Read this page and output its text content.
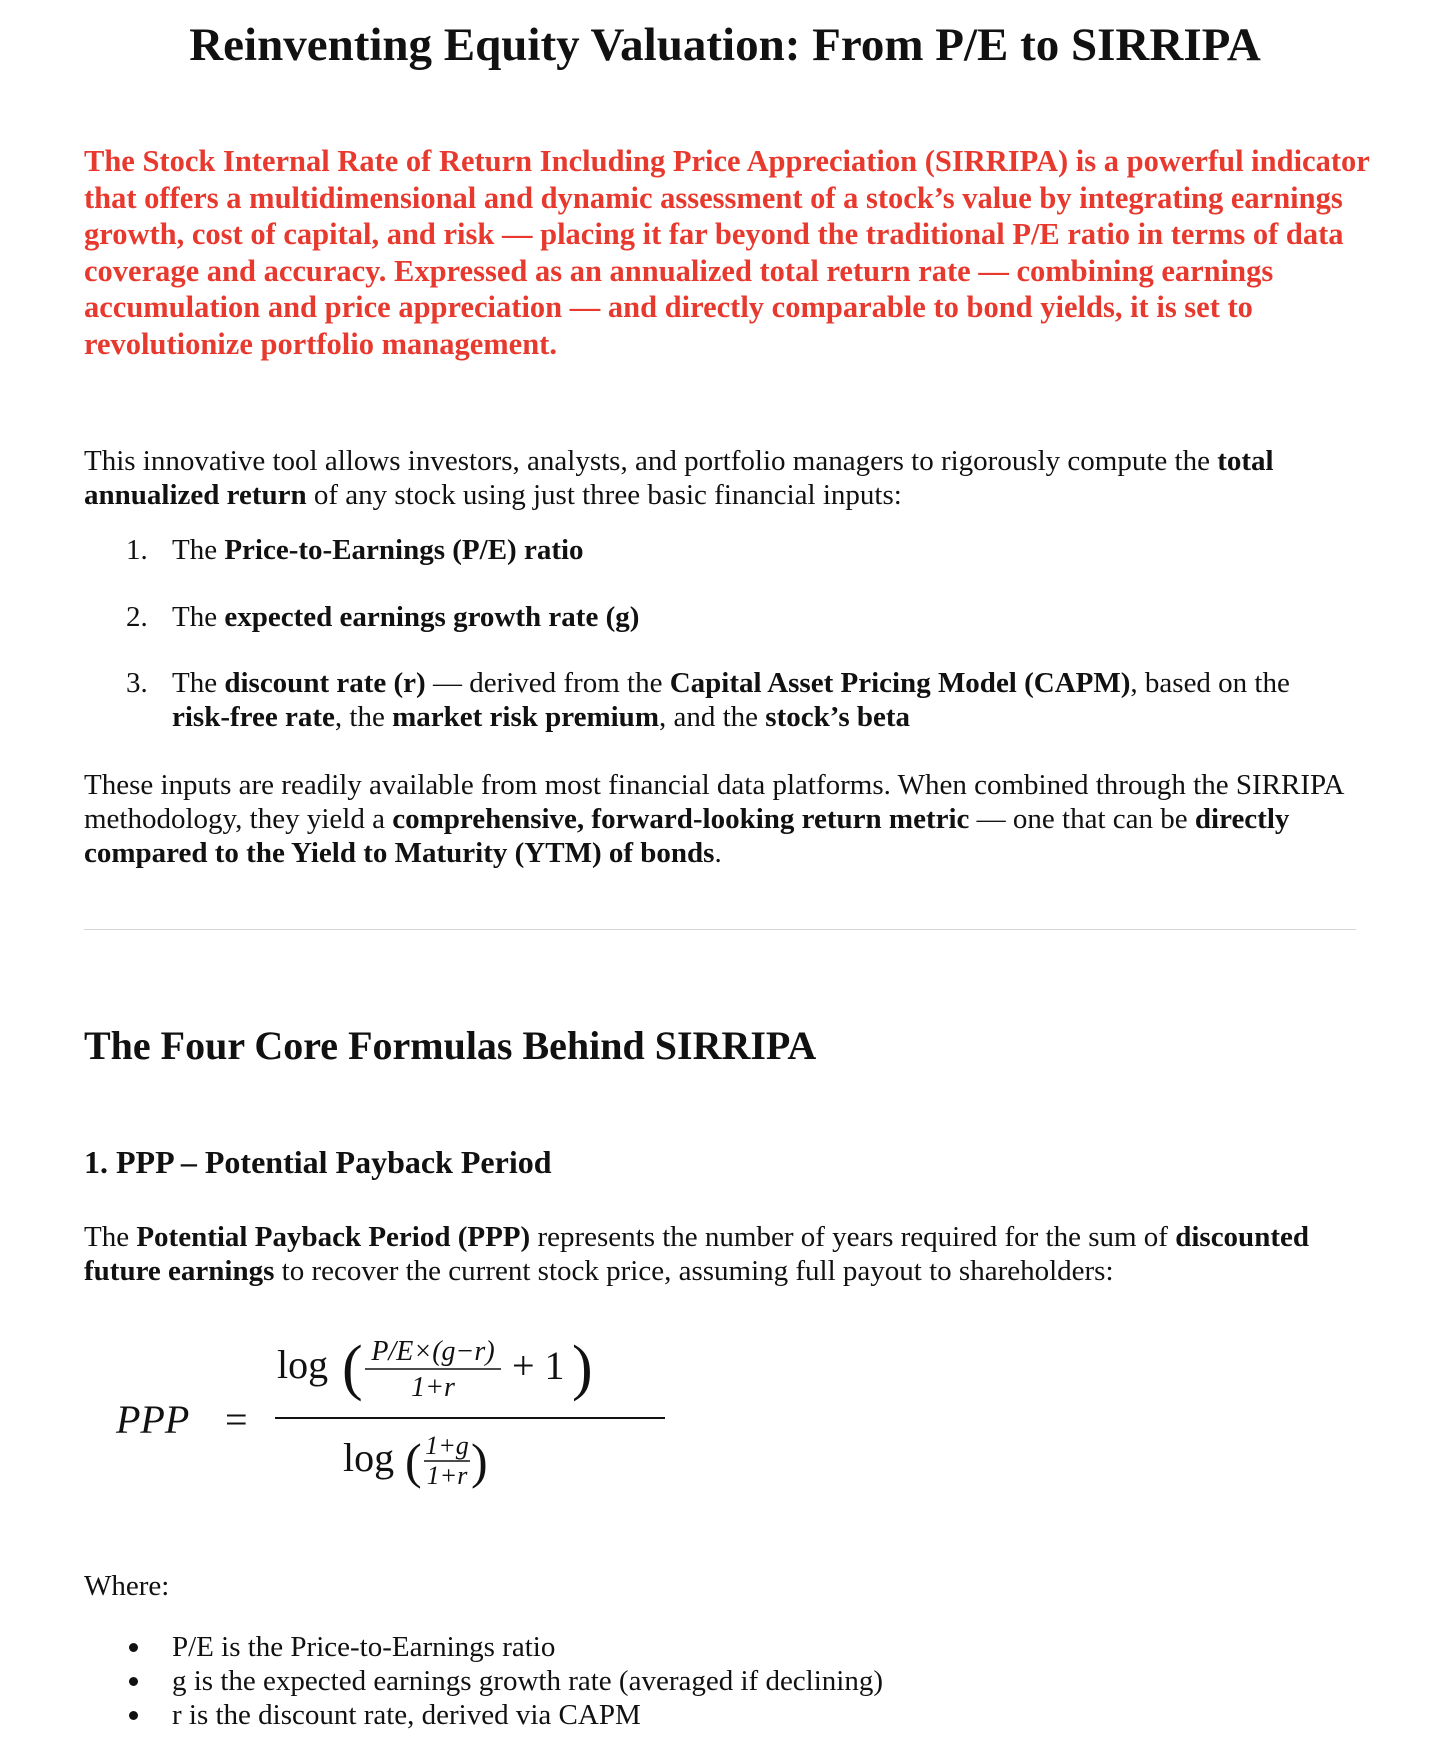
Reinventing Equity Valuation: From P/E to SIRRIPA

The Stock Internal Rate of Return Including Price Appreciation (SIRRIPA) is a powerful indicator that offers a multidimensional and dynamic assessment of a stock’s value by integrating earnings growth, cost of capital, and risk — placing it far beyond the traditional P/E ratio in terms of data coverage and accuracy. Expressed as an annualized total return rate — combining earnings accumulation and price appreciation — and directly comparable to bond yields, it is set to revolutionize portfolio management.

This innovative tool allows investors, analysts, and portfolio managers to rigorously compute the total annualized return of any stock using just three basic financial inputs:

1. The Price-to-Earnings (P/E) ratio
2. The expected earnings growth rate (g)
3. The discount rate (r) — derived from the Capital Asset Pricing Model (CAPM), based on the
risk-free rate, the market risk premium, and the stock’s beta

These inputs are readily available from most financial data platforms. When combined through the SIRRIPA methodology, they yield a comprehensive, forward-looking return metric — one that can be directly compared to the Yield to Maturity (YTM) of bonds.

The Four Core Formulas Behind SIRRIPA
1. PPP – Potential Payback Period

The Potential Payback Period (PPP) represents the number of years required for the sum of discounted future earnings to recover the current stock price, assuming full payout to shareholders:

PPP =
log ( P/E×(g−r)
1+r + 1 )
log ( 1+g
1+r )
Where:
P/E is the Price-to-Earnings ratio
g is the expected earnings growth rate (averaged if declining)
r is the discount rate, derived via CAPM
